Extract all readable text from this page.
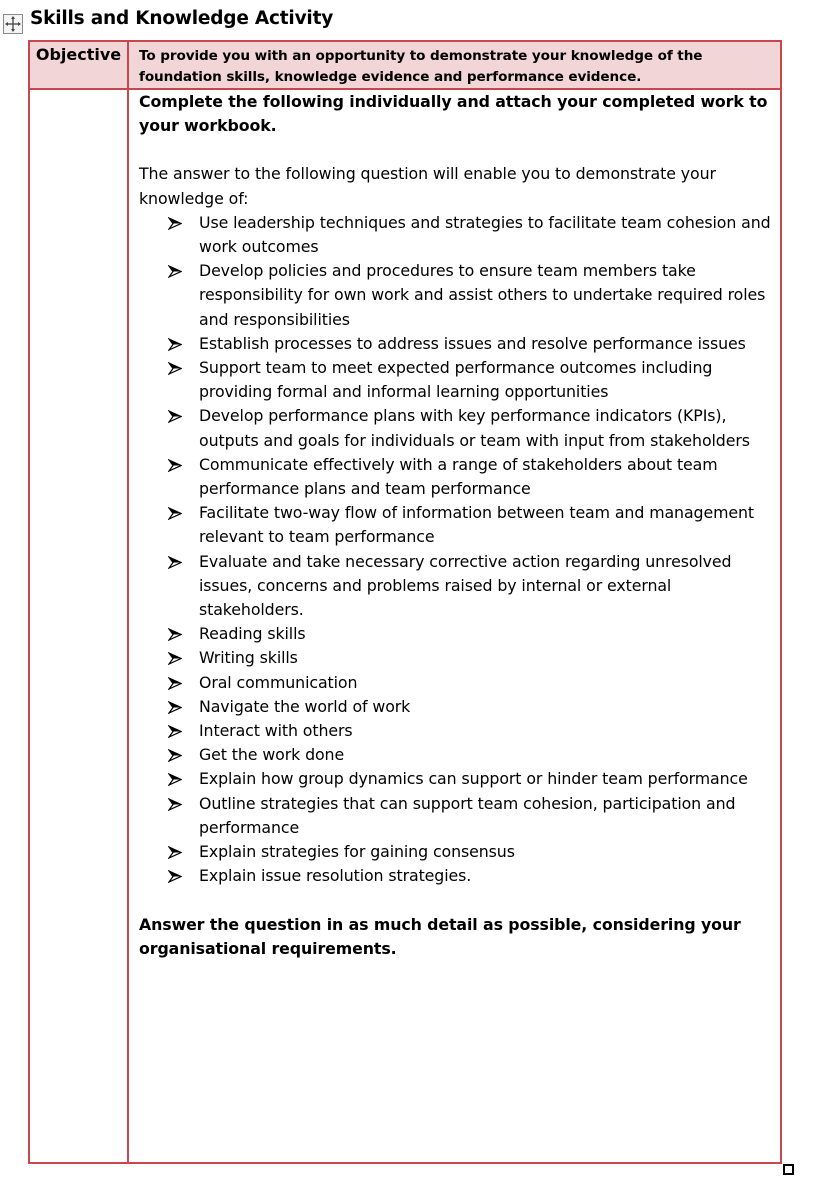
Skills and Knowledge Activity
Objective	To provide you with an opportunity to demonstrate your knowledge of the foundation skills, knowledge evidence and performance evidence.

Complete the following individually and attach your completed work to your workbook.

The answer to the following question will enable you to demonstrate your knowledge of:

Use leadership techniques and strategies to facilitate team cohesion and work outcomes
Develop policies and procedures to ensure team members take responsibility for own work and assist others to undertake required roles and responsibilities
Establish processes to address issues and resolve performance issues
Support team to meet expected performance outcomes including providing formal and informal learning opportunities
Develop performance plans with key performance indicators (KPIs), outputs and goals for individuals or team with input from stakeholders
Communicate effectively with a range of stakeholders about team performance plans and team performance
Facilitate two-way flow of information between team and management relevant to team performance
Evaluate and take necessary corrective action regarding unresolved issues, concerns and problems raised by internal or external stakeholders.
Reading skills
Writing skills
Oral communication
Navigate the world of work
Interact with others
Get the work done
Explain how group dynamics can support or hinder team performance
Outline strategies that can support team cohesion, participation and performance
Explain strategies for gaining consensus
Explain issue resolution strategies.

Answer the question in as much detail as possible, considering your organisational requirements.
